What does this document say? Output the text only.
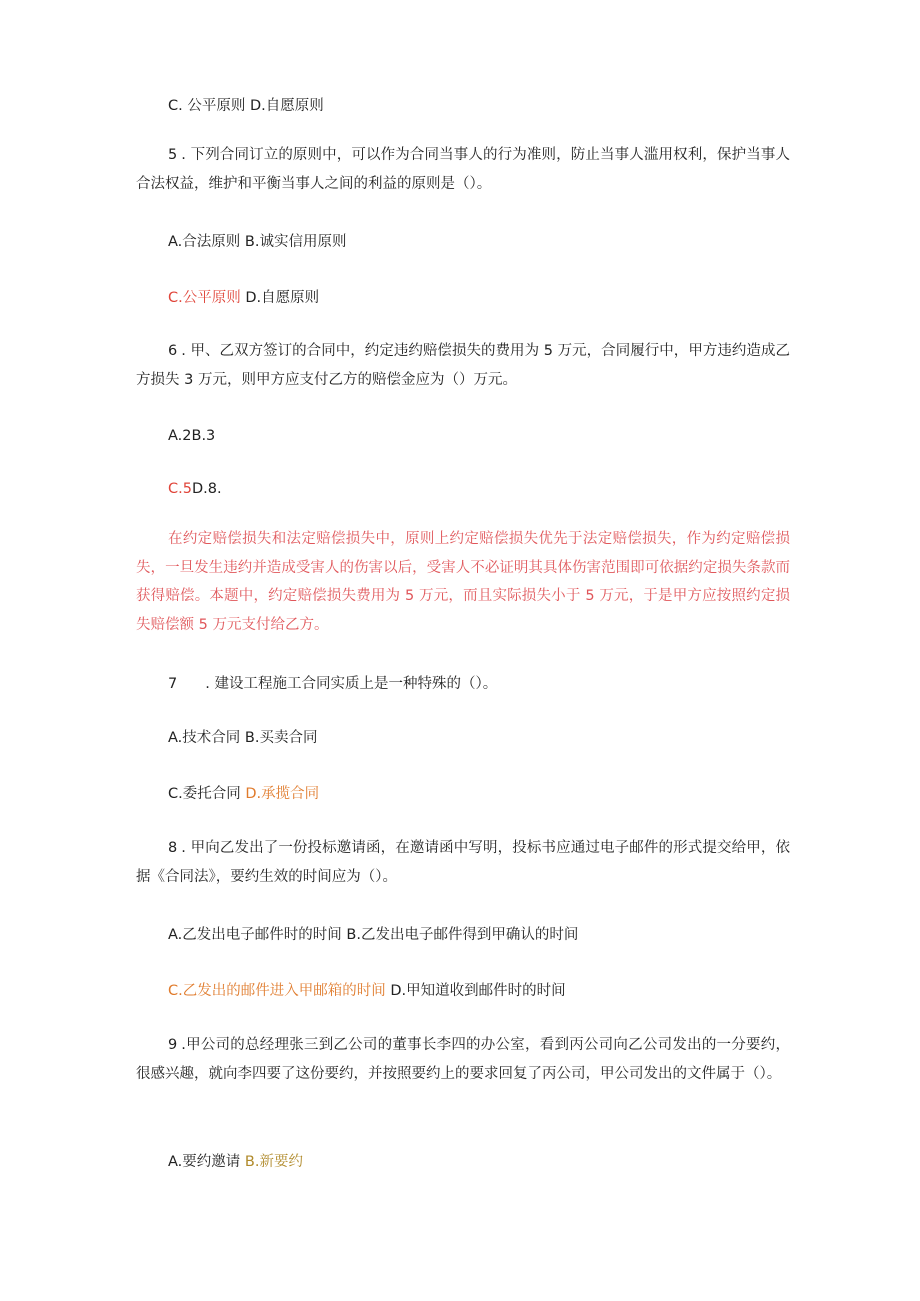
C. 公平原则 D.自愿原则

5 . 下列合同订立的原则中，可以作为合同当事人的行为准则，防止当事人滥用权利，保护当事人合法权益，维护和平衡当事人之间的利益的原则是（）。

A.合法原则 B.诚实信用原则
C.公平原则 D.自愿原则

6 . 甲、乙双方签订的合同中，约定违约赔偿损失的费用为 5 万元，合同履行中，甲方违约造成乙方损失 3 万元，则甲方应支付乙方的赔偿金应为（）万元。

A.2B.3
C.5D.8.

在约定赔偿损失和法定赔偿损失中，原则上约定赔偿损失优先于法定赔偿损失，作为约定赔偿损失，一旦发生违约并造成受害人的伤害以后，受害人不必证明其具体伤害范围即可依据约定损失条款而获得赔偿。本题中，约定赔偿损失费用为 5 万元，而且实际损失小于 5 万元，于是甲方应按照约定损失赔偿额 5 万元支付给乙方。

7 . 建设工程施工合同实质上是一种特殊的（）。

A.技术合同 B.买卖合同
C.委托合同 D.承揽合同

8 . 甲向乙发出了一份投标邀请函，在邀请函中写明，投标书应通过电子邮件的形式提交给甲，依据《合同法》，要约生效的时间应为（）。

A.乙发出电子邮件时的时间 B.乙发出电子邮件得到甲确认的时间
C.乙发出的邮件进入甲邮箱的时间 D.甲知道收到邮件时的时间

9 .甲公司的总经理张三到乙公司的董事长李四的办公室，看到丙公司向乙公司发出的一分要约，很感兴趣，就向李四要了这份要约，并按照要约上的要求回复了丙公司，甲公司发出的文件属于（）。

A.要约邀请 B.新要约
